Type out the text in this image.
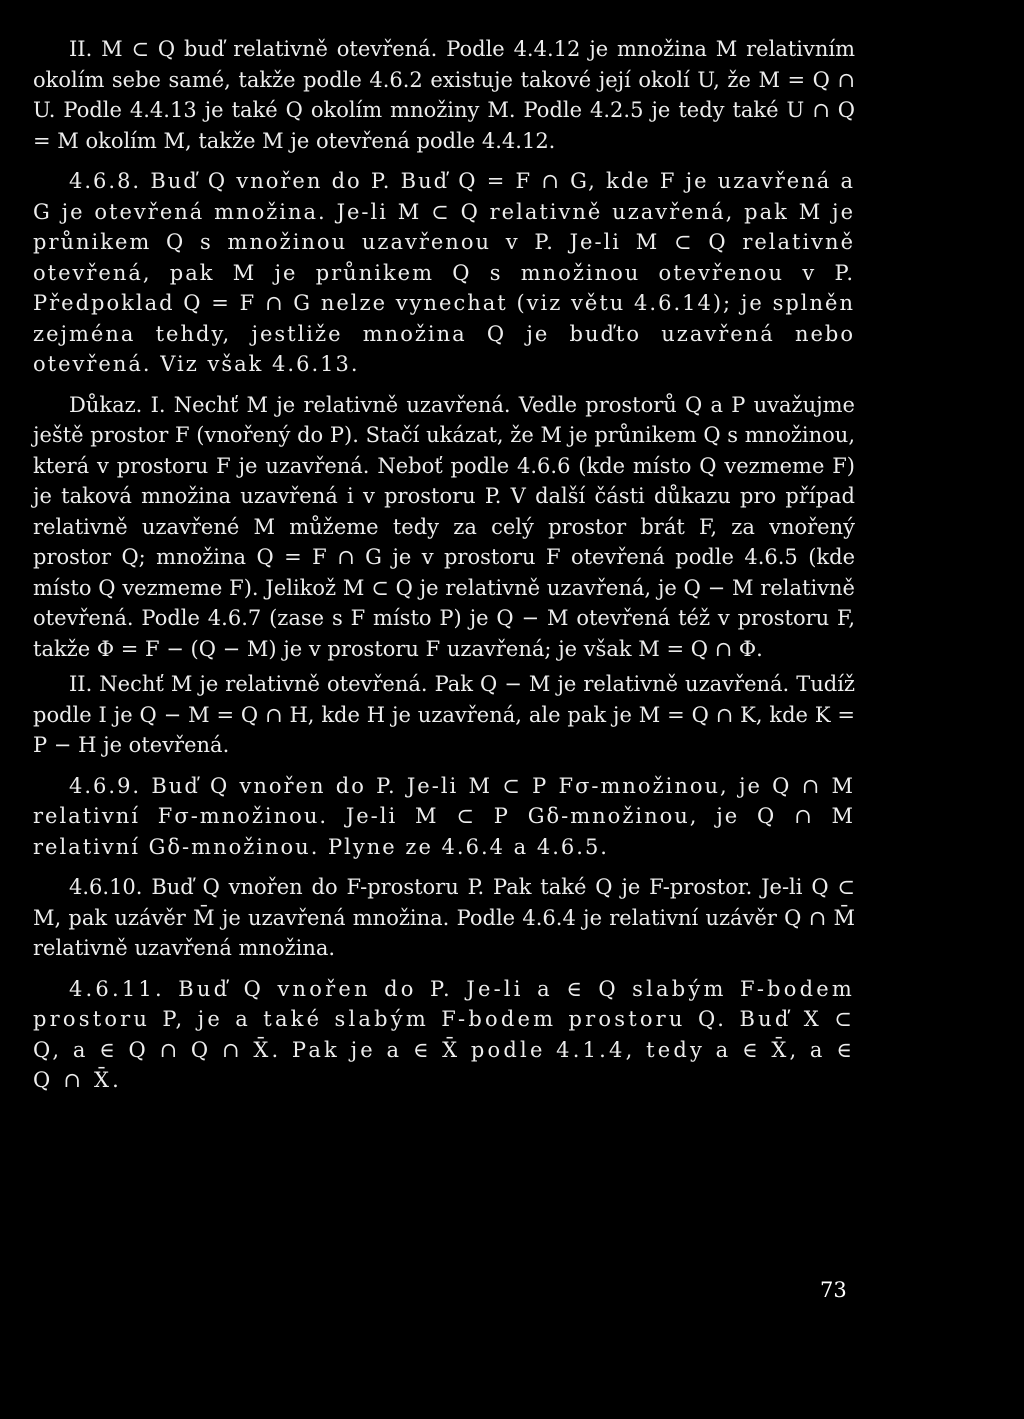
II. M ⊂ Q buď relativně otevřená. Podle 4.4.12 je množina M relativním okolím sebe samé, takže podle 4.6.2 existuje takové její okolí U, že M = Q ∩ U. Podle 4.4.13 je také Q okolím množiny M. Podle 4.2.5 je tedy také U ∩ Q = M okolím M, takže M je otevřená podle 4.4.12.

4.6.8. Buď Q vnořen do P. Buď Q = F ∩ G, kde F je uzavřená a G je otevřená množina. Je-li M ⊂ Q relativně uzavřená, pak M je průnikem Q s množinou uzavřenou v P. Je-li M ⊂ Q relativně otevřená, pak M je průnikem Q s množinou otevřenou v P. Předpoklad Q = F ∩ G nelze vynechat (viz větu 4.6.14); je splněn zejména tehdy, jestliže množina Q je buďto uzavřená nebo otevřená. Viz však 4.6.13.

Důkaz. I. Nechť M je relativně uzavřená. Vedle prostorů Q a P uvažujme ještě prostor F (vnořený do P). Stačí ukázat, že M je průnikem Q s množinou, která v prostoru F je uzavřená. Neboť podle 4.6.6 (kde místo Q vezmeme F) je taková množina uzavřená i v prostoru P. V další části důkazu pro případ relativně uzavřené M můžeme tedy za celý prostor brát F, za vnořený prostor Q; množina Q = F ∩ G je v prostoru F otevřená podle 4.6.5 (kde místo Q vezmeme F). Jelikož M ⊂ Q je relativně uzavřená, je Q − M relativně otevřená. Podle 4.6.7 (zase s F místo P) je Q − M otevřená též v prostoru F, takže Φ = F − (Q − M) je v prostoru F uzavřená; je však M = Q ∩ Φ.

II. Nechť M je relativně otevřená. Pak Q − M je relativně uzavřená. Tudíž podle I je Q − M = Q ∩ H, kde H je uzavřená, ale pak je M = Q ∩ K, kde K = P − H je otevřená.

4.6.9. Buď Q vnořen do P. Je-li M ⊂ P Fσ-množinou, je Q ∩ M relativní Fσ-množinou. Je-li M ⊂ P Gδ-množinou, je Q ∩ M relativní Gδ-množinou. Plyne ze 4.6.4 a 4.6.5.

4.6.10. Buď Q vnořen do F-prostoru P. Pak také Q je F-prostor. Je-li Q ⊂ M, pak uzávěr M̄ je uzavřená množina. Podle 4.6.4 je relativní uzávěr Q ∩ M̄ relativně uzavřená množina.

4.6.11. Buď Q vnořen do P. Je-li a ∈ Q slabým F-bodem prostoru P, je a také slabým F-bodem prostoru Q. Buď X ⊂ Q, a ∈ Q ∩ Q ∩ X̄. Pak je a ∈ X̄ podle 4.1.4, tedy a ∈ X̄, a ∈ Q ∩ X̄.

73
